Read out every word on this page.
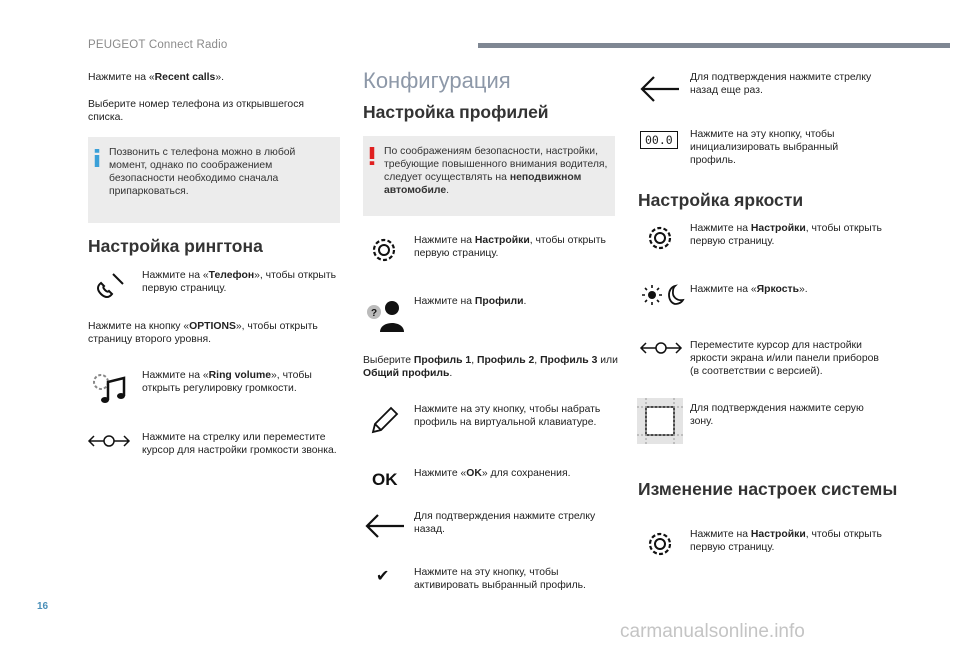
PEUGEOT Connect Radio
Нажмите на «Recent calls».
Выберите номер телефона из открывшегося
списка.
Позвонить с телефона можно в любой
момент, однако по соображением
безопасности необходимо сначала
припарковаться.
Настройка рингтона
Нажмите на «Телефон», чтобы открыть
первую страницу.
Нажмите на кнопку «OPTIONS», чтобы открыть
страницу второго уровня.
Нажмите на «Ring volume», чтобы
открыть регулировку громкости.
Нажмите на стрелку или переместите
курсор для настройки громкости звонка.
Конфигурация
Настройка профилей
По соображениям безопасности, настройки,
требующие повышенного внимания водителя,
следует осуществлять на неподвижном
автомобиле.
Нажмите на Настройки, чтобы открыть
первую страницу.
?
Нажмите на Профили.
Выберите Профиль 1, Профиль 2, Профиль 3 или
Общий профиль.
Нажмите на эту кнопку, чтобы набрать
профиль на виртуальной клавиатуре.
OK Нажмите «OK» для сохранения.
Для подтверждения нажмите стрелку
назад.
✔ Нажмите на эту кнопку, чтобы
активировать выбранный профиль.
Для подтверждения нажмите стрелку
назад еще раз.
00.0	Нажмите на эту кнопку, чтобы
инициализировать выбранный
профиль.
Настройка яркости
Нажмите на Настройки, чтобы открыть
первую страницу.
Нажмите на «Яркость».
Переместите курсор для настройки
яркости экрана и/или панели приборов
(в соответствии с версией).
Для подтверждения нажмите серую
зону.
Изменение настроек системы
Нажмите на Настройки, чтобы открыть
первую страницу.
16
carmanualsonline.info
